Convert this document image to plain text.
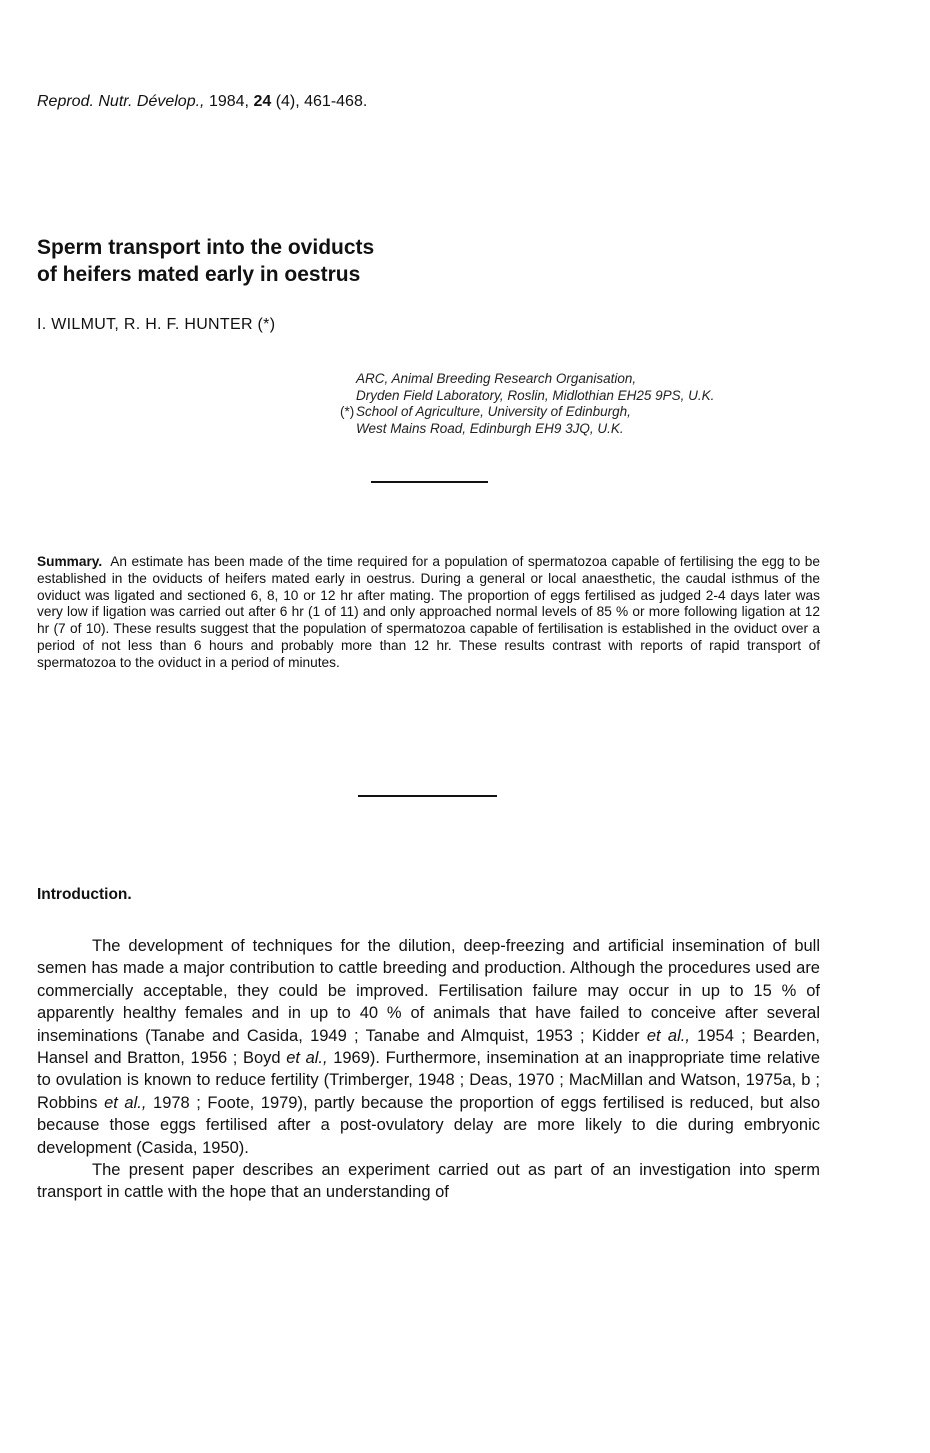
Reprod. Nutr. Dévelop., 1984, 24 (4), 461-468.
Sperm transport into the oviducts
of heifers mated early in oestrus
I. WILMUT, R. H. F. HUNTER (*)
ARC, Animal Breeding Research Organisation,
Dryden Field Laboratory, Roslin, Midlothian EH25 9PS, U.K.
(*) School of Agriculture, University of Edinburgh,
West Mains Road, Edinburgh EH9 3JQ, U.K.
Summary. An estimate has been made of the time required for a population of spermatozoa capable of fertilising the egg to be established in the oviducts of heifers mated early in oestrus. During a general or local anaesthetic, the caudal isthmus of the oviduct was ligated and sectioned 6, 8, 10 or 12 hr after mating. The proportion of eggs fertilised as judged 2-4 days later was very low if ligation was carried out after 6 hr (1 of 11) and only approached normal levels of 85 % or more following ligation at 12 hr (7 of 10). These results suggest that the population of spermatozoa capable of fertilisation is established in the oviduct over a period of not less than 6 hours and probably more than 12 hr. These results contrast with reports of rapid transport of spermatozoa to the oviduct in a period of minutes.
Introduction.

The development of techniques for the dilution, deep-freezing and artificial insemination of bull semen has made a major contribution to cattle breeding and production. Although the procedures used are commercially acceptable, they could be improved. Fertilisation failure may occur in up to 15 % of apparently healthy females and in up to 40 % of animals that have failed to conceive after several inseminations (Tanabe and Casida, 1949 ; Tanabe and Almquist, 1953 ; Kidder et al., 1954 ; Bearden, Hansel and Bratton, 1956 ; Boyd et al., 1969). Furthermore, insemination at an inappropriate time relative to ovulation is known to reduce fertility (Trimberger, 1948 ; Deas, 1970 ; MacMillan and Watson, 1975a, b ; Robbins et al., 1978 ; Foote, 1979), partly because the proportion of eggs fertilised is reduced, but also because those eggs fertilised after a post-ovulatory delay are more likely to die during embryonic development (Casida, 1950).

The present paper describes an experiment carried out as part of an investigation into sperm transport in cattle with the hope that an understanding of
